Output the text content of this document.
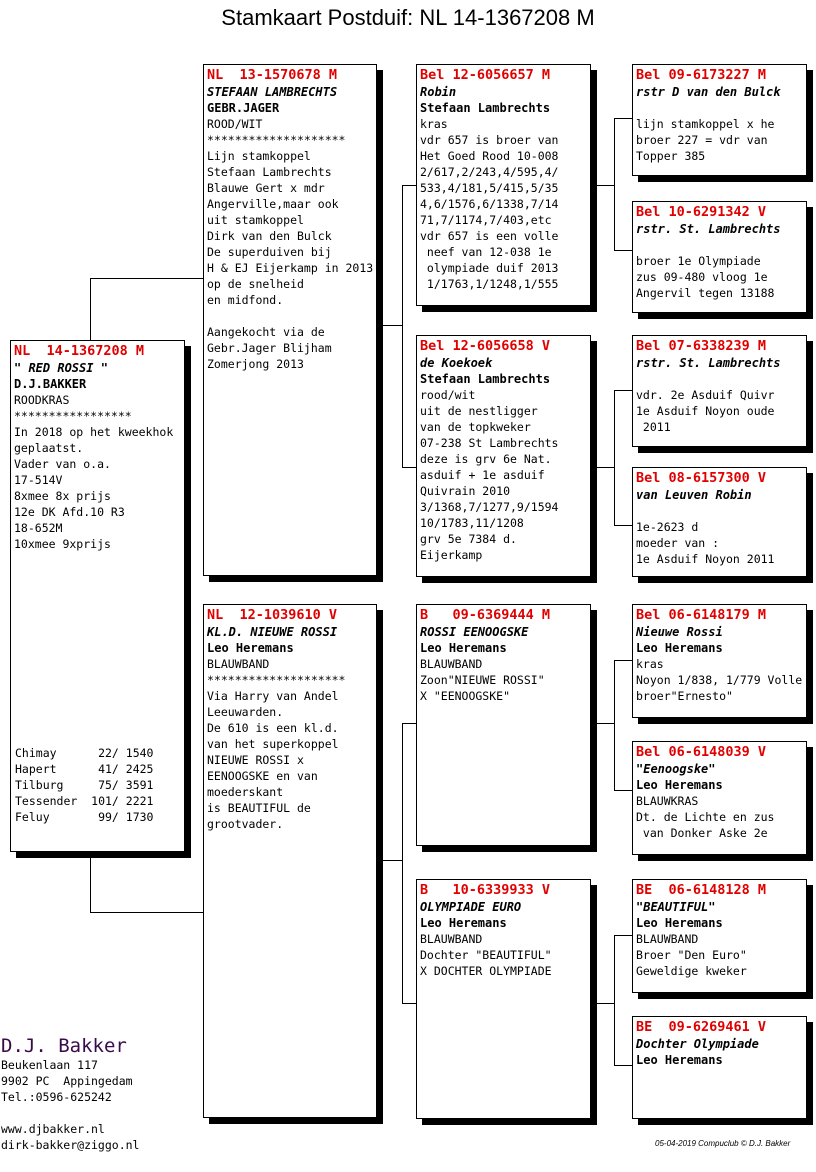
Stamkaart Postduif: NL 14-1367208 M
NL  14-1367208 M
" RED ROSSI "
D.J.BAKKER
ROODKRAS
*****************
In 2018 op het kweekhok
geplaatst.
Vader van o.a.
17-514V
8xmee 8x prijs
12e DK Afd.10 R3
18-652M
10xmee 9xprijs
NL  13-1570678 M
STEFAAN LAMBRECHTS
GEBR.JAGER
ROOD/WIT
********************
Lijn stamkoppel
Stefaan Lambrechts
Blauwe Gert x mdr
Angerville,maar ook
uit stamkoppel
Dirk van den Bulck
De superduiven bij
H & EJ Eijerkamp in 2013
op de snelheid
en midfond.

Aangekocht via de
Gebr.Jager Blijham
Zomerjong 2013
NL  12-1039610 V
KL.D. NIEUWE ROSSI
Leo Heremans
BLAUWBAND
********************
Via Harry van Andel
Leeuwarden.
De 610 is een kl.d.
van het superkoppel
NIEUWE ROSSI x
EENOOGSKE en van
moederskant
is BEAUTIFUL de
grootvader.
Bel 12-6056657 M
Robin
Stefaan Lambrechts
kras
vdr 657 is broer van
Het Goed Rood 10-008
2/617,2/243,4/595,4/
533,4/181,5/415,5/35
4,6/1576,6/1338,7/14
71,7/1174,7/403,etc
vdr 657 is een volle
neef van 12-038 1e
olympiade duif 2013
1/1763,1/1248,1/555
Bel 12-6056658 V
de Koekoek
Stefaan Lambrechts
rood/wit
uit de nestligger
van de topkweker
07-238 St Lambrechts
deze is grv 6e Nat.
asduif + 1e asduif
Quivrain 2010
3/1368,7/1277,9/1594
10/1783,11/1208
grv 5e 7384 d.
Eijerkamp
B   09-6369444 M
ROSSI EENOOGSKE
Leo Heremans
BLAUWBAND
Zoon"NIEUWE ROSSI"
X "EENOOGSKE"
B   10-6339933 V
OLYMPIADE EURO
Leo Heremans
BLAUWBAND
Dochter "BEAUTIFUL"
X DOCHTER OLYMPIADE
Bel 09-6173227 M
rstr D van den Bulck

lijn stamkoppel x he
broer 227 = vdr van
Topper 385
Bel 10-6291342 V
rstr. St. Lambrechts

broer 1e Olympiade
zus 09-480 vloog 1e
Angervil tegen 13188
Bel 07-6338239 M
rstr. St. Lambrechts

vdr. 2e Asduif Quivr
1e Asduif Noyon oude
2011
Bel 08-6157300 V
van Leuven Robin

1e-2623 d
moeder van :
1e Asduif Noyon 2011
Bel 06-6148179 M
Nieuwe Rossi
Leo Heremans
kras
Noyon 1/838, 1/779 Volle
broer"Ernesto"
Bel 06-6148039 V
"Eenoogske"
Leo Heremans
BLAUWKRAS
Dt. de Lichte en zus
van Donker Aske 2e
BE  06-6148128 M
"BEAUTIFUL"
Leo Heremans
BLAUWBAND
Broer "Den Euro"
Geweldige kweker
BE  09-6269461 V
Dochter Olympiade
Leo Heremans
Chimay      22/ 1540
Hapert      41/ 2425
Tilburg     75/ 3591
Tessender  101/ 2221
Feluy       99/ 1730
D.J. Bakker
Beukenlaan 117
9902 PC  Appingedam
Tel.:0596-625242

www.djbakker.nl
dirk-bakker@ziggo.nl	05-04-2019 Compuclub © D.J. Bakker
